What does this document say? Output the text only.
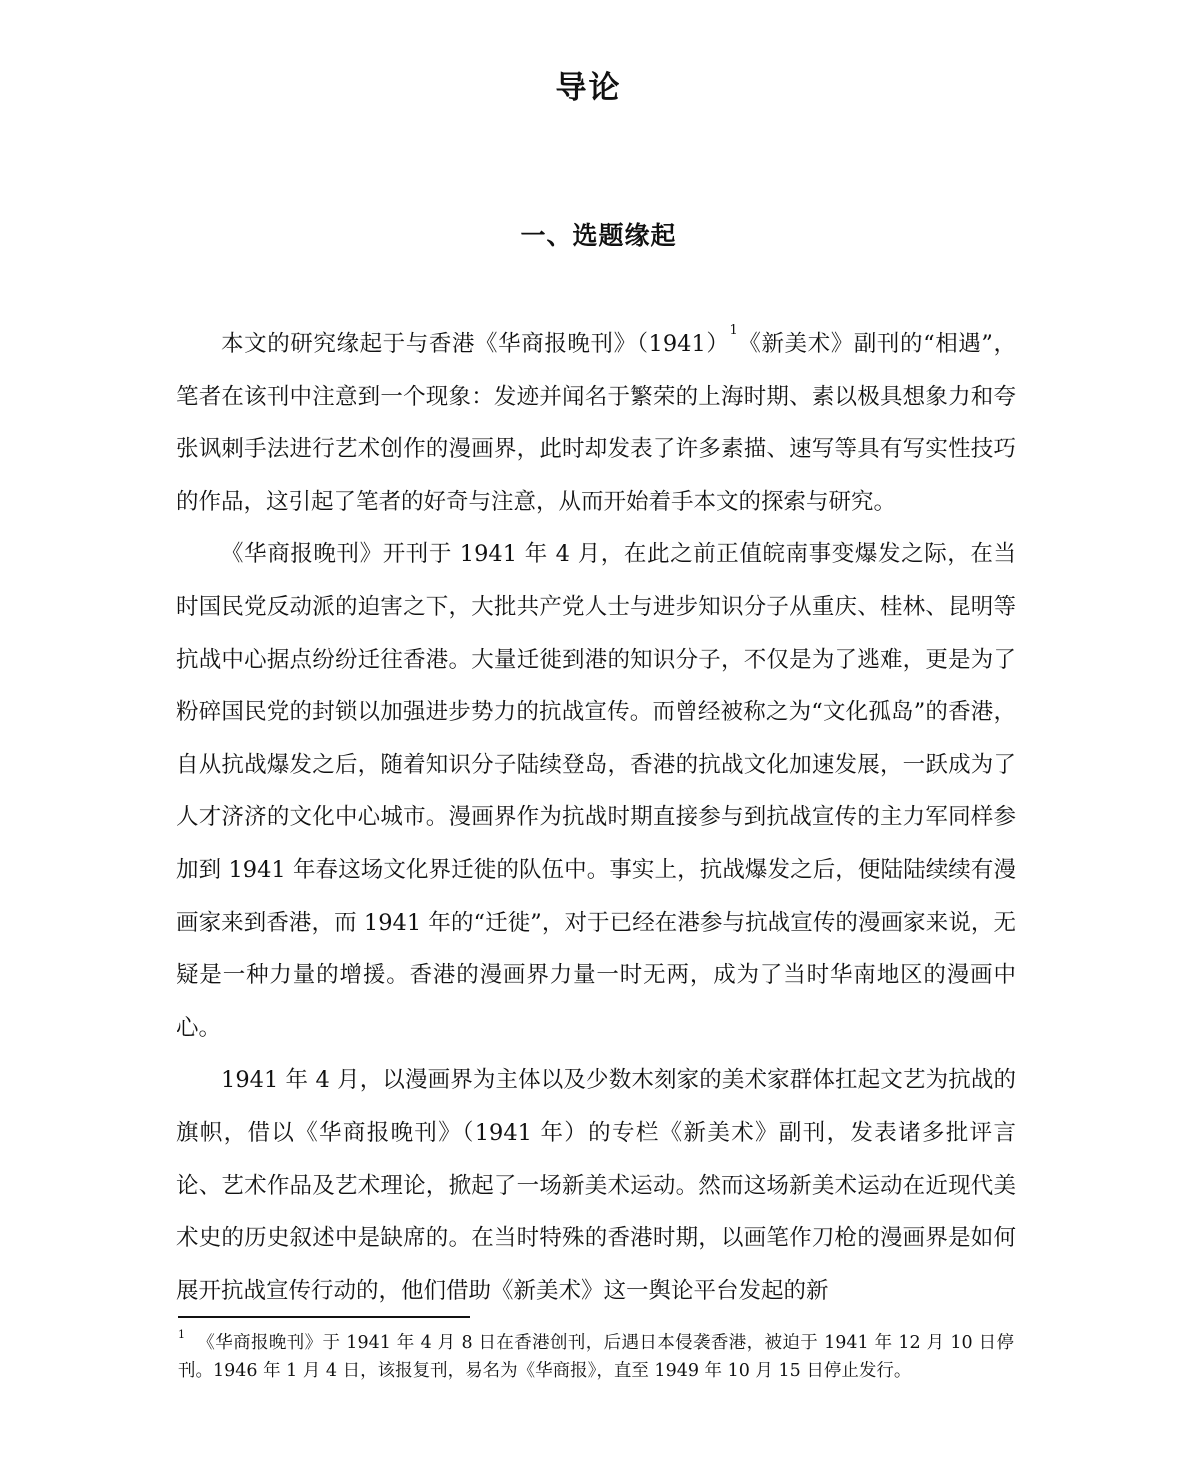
导论
一、选题缘起

本文的研究缘起于与香港《华商报晚刊》（1941）$^1$《新美术》副刊的“相遇”，笔者在该刊中注意到一个现象：发迹并闻名于繁荣的上海时期、素以极具想象力和夸张讽刺手法进行艺术创作的漫画界，此时却发表了许多素描、速写等具有写实性技巧的作品，这引起了笔者的好奇与注意，从而开始着手本文的探索与研究。

《华商报晚刊》开刊于 1941 年 4 月，在此之前正值皖南事变爆发之际，在当时国民党反动派的迫害之下，大批共产党人士与进步知识分子从重庆、桂林、昆明等抗战中心据点纷纷迁往香港。大量迁徙到港的知识分子，不仅是为了逃难，更是为了粉碎国民党的封锁以加强进步势力的抗战宣传。而曾经被称之为“文化孤岛”的香港，自从抗战爆发之后，随着知识分子陆续登岛，香港的抗战文化加速发展，一跃成为了人才济济的文化中心城市。漫画界作为抗战时期直接参与到抗战宣传的主力军同样参加到 1941 年春这场文化界迁徙的队伍中。事实上，抗战爆发之后，便陆陆续续有漫画家来到香港，而 1941 年的“迁徙”，对于已经在港参与抗战宣传的漫画家来说，无疑是一种力量的增援。香港的漫画界力量一时无两，成为了当时华南地区的漫画中心。

1941 年 4 月，以漫画界为主体以及少数木刻家的美术家群体扛起文艺为抗战的旗帜，借以《华商报晚刊》（1941 年）的专栏《新美术》副刊，发表诸多批评言论、艺术作品及艺术理论，掀起了一场新美术运动。然而这场新美术运动在近现代美术史的历史叙述中是缺席的。在当时特殊的香港时期，以画笔作刀枪的漫画界是如何展开抗战宣传行动的，他们借助《新美术》这一舆论平台发起的新

$^1$ 《华商报晚刊》于 1941 年 4 月 8 日在香港创刊，后遇日本侵袭香港，被迫于 1941 年 12 月 10 日停刊。1946 年 1 月 4 日，该报复刊，易名为《华商报》，直至 1949 年 10 月 15 日停止发行。
